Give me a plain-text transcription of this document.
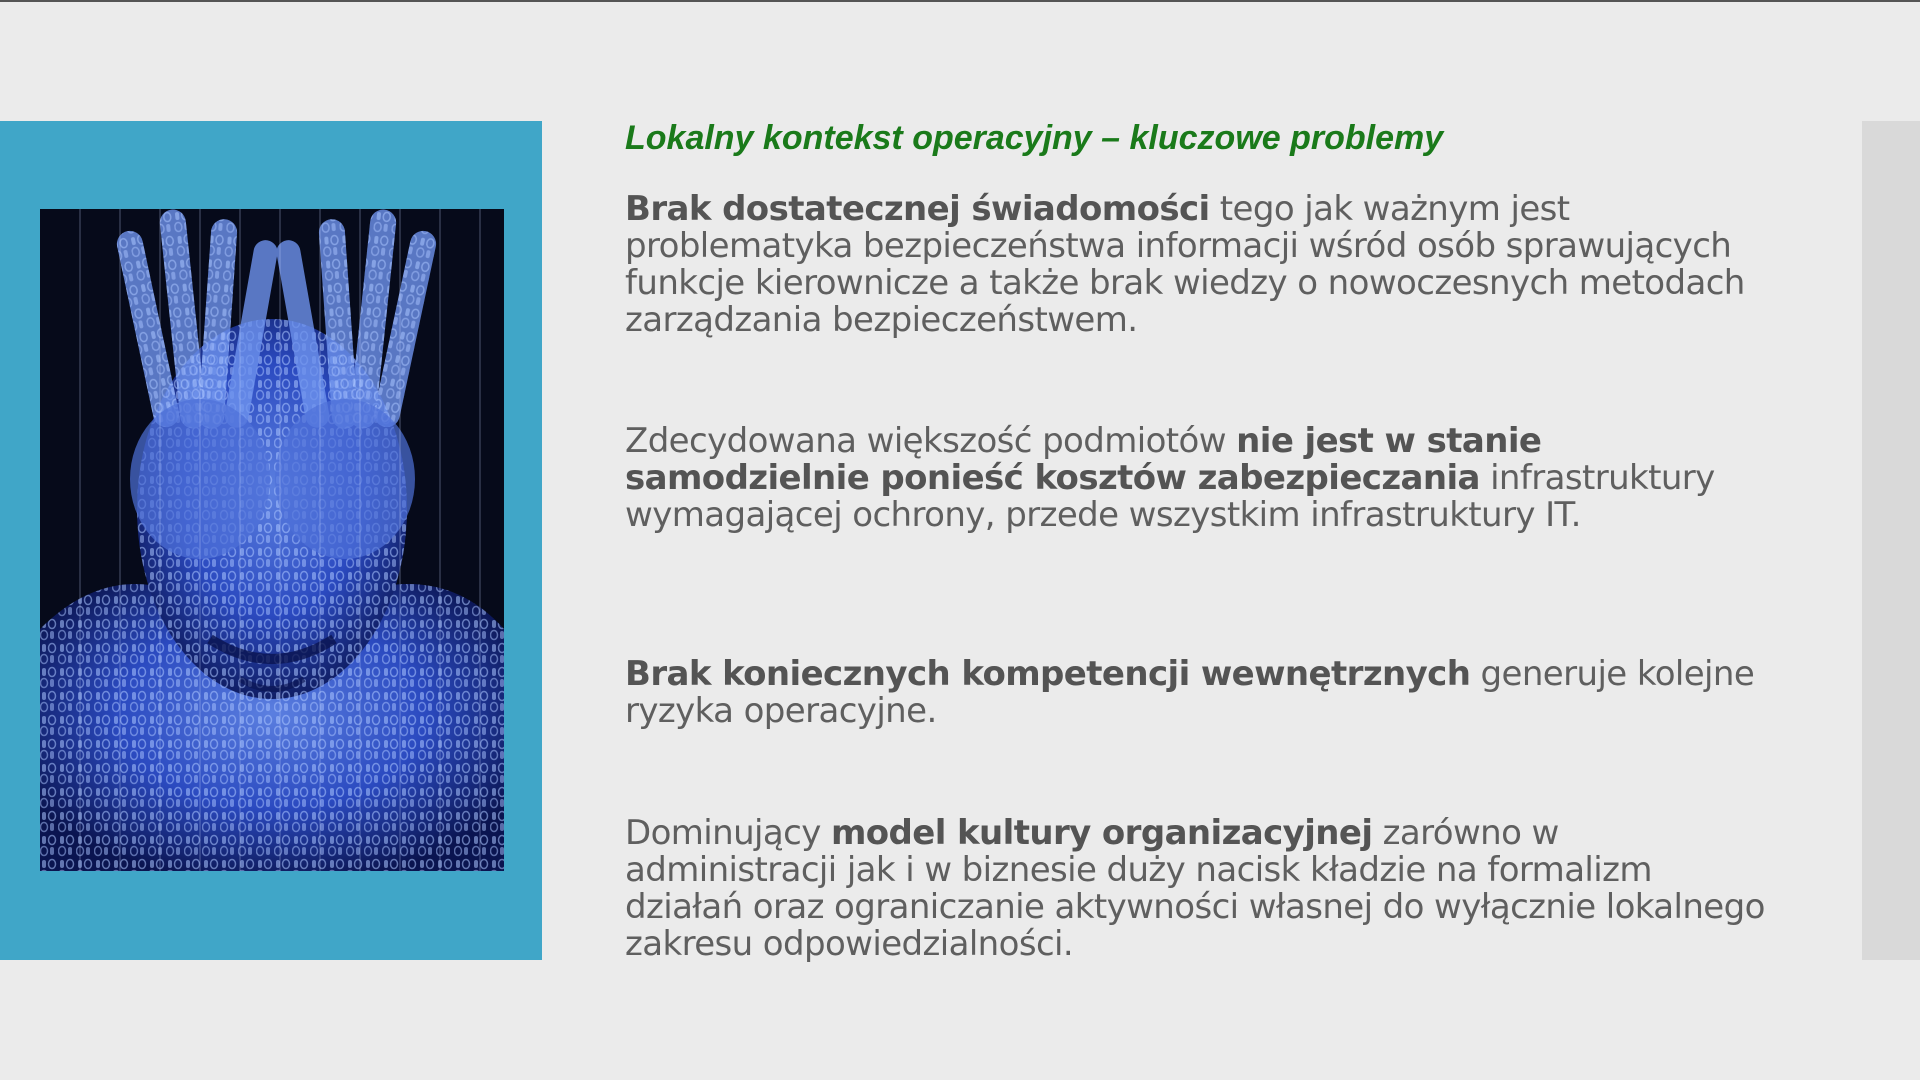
Lokalny kontekst operacyjny – kluczowe problemy

Brak dostatecznej świadomości tego jak ważnym jest problematyka bezpieczeństwa informacji wśród osób sprawujących funkcje kierownicze a także brak wiedzy o nowoczesnych metodach zarządzania bezpieczeństwem.

Zdecydowana większość podmiotów nie jest w stanie samodzielnie ponieść kosztów zabezpieczania infrastruktury wymagającej ochrony, przede wszystkim infrastruktury IT.

Brak koniecznych kompetencji wewnętrznych generuje kolejne ryzyka operacyjne.

Dominujący model kultury organizacyjnej zarówno w administracji jak i w biznesie duży nacisk kładzie na formalizm działań oraz ograniczanie aktywności własnej do wyłącznie lokalnego zakresu odpowiedzialności.
